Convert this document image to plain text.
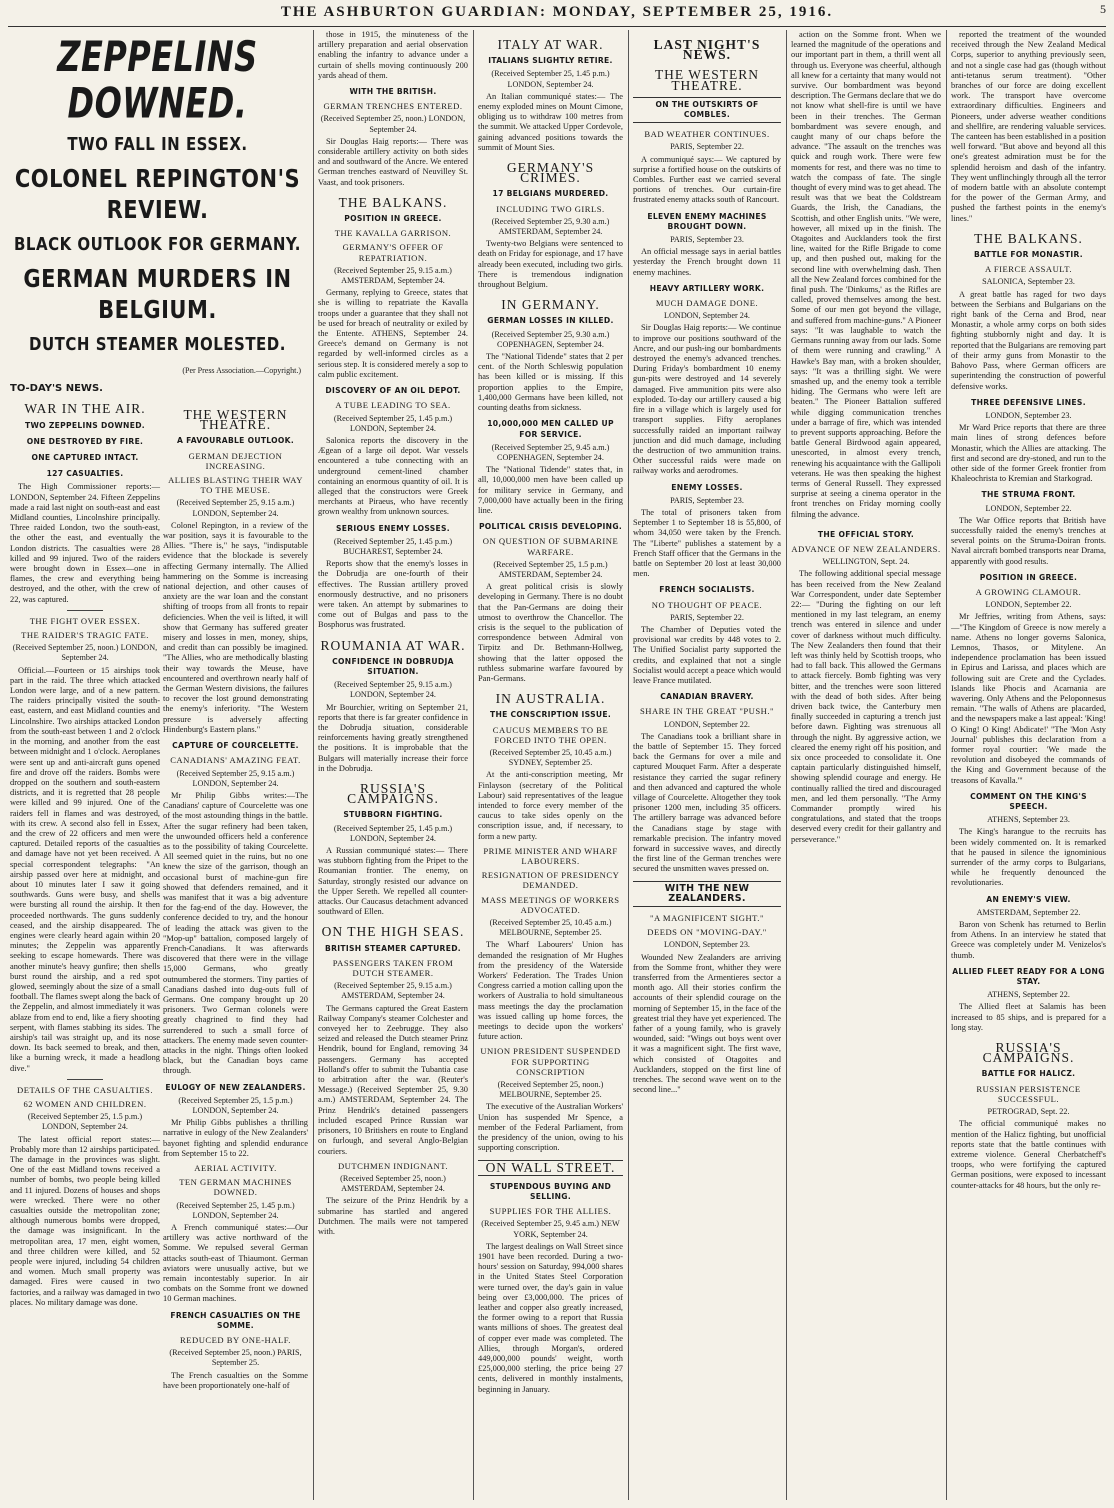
THE ASHBURTON GUARDIAN: MONDAY, SEPTEMBER 25, 1916.	5
ZEPPELINS DOWNED.
TWO FALL IN ESSEX.
COLONEL REPINGTON'S REVIEW.
BLACK OUTLOOK FOR GERMANY.
GERMAN MURDERS IN BELGIUM.
DUTCH STEAMER MOLESTED.
(Per Press Association.—Copyright.)
TO-DAY'S NEWS.
WAR IN THE AIR.
TWO ZEPPELINS DOWNED.
ONE DESTROYED BY FIRE.
ONE CAPTURED INTACT.
127 CASUALTIES.

The High Commissioner reports:— LONDON, September 24. Fifteen Zeppelins made a raid last night on south-east and east Midland counties, Lincolnshire principally. Three raided London, two the south-east, the other the east, and eventually the London districts. The casualties were 28 killed and 99 injured. Two of the raiders were brought down in Essex—one in flames, the crew and everything being destroyed, and the other, with the crew of 22, was captured.

THE FIGHT OVER ESSEX.
THE RAIDER'S TRAGIC FATE.
(Received September 25, noon.) LONDON, September 24.

Official.—Fourteen or 15 airships took part in the raid. The three which attacked London were large, and of a new pattern. The raiders principally visited the south-east, eastern, and east Midland counties and Lincolnshire. Two airships attacked London from the south-east between 1 and 2 o'clock in the morning, and another from the east between midnight and 1 o'clock. Aeroplanes were sent up and anti-aircraft guns opened fire and drove off the raiders. Bombs were dropped on the southern and south-eastern districts, and it is regretted that 28 people were killed and 99 injured. One of the raiders fell in flames and was destroyed, with its crew. A second also fell in Essex, and the crew of 22 officers and men were captured. Detailed reports of the casualties and damage have not yet been received. A special correspondent telegraphs: "An airship passed over here at midnight, and about 10 minutes later I saw it going southwards. Guns were busy, and shells were bursting all round the airship. It then proceeded northwards. The guns suddenly ceased, and the airship disappeared. The engines were clearly heard again within 20 minutes; the Zeppelin was apparently seeking to escape homewards. There was another minute's heavy gunfire; then shells burst round the airship, and a red spot glowed, seemingly about the size of a small football. The flames swept along the back of the Zeppelin, and almost immediately it was ablaze from end to end, like a fiery shooting serpent, with flames stabbing its sides. The airship's tail was straight up, and its nose down. Its back seemed to break, and then, like a burning wreck, it made a headlong dive."

DETAILS OF THE CASUALTIES.
62 WOMEN AND CHILDREN.
(Received September 25, 1.5 p.m.) LONDON, September 24.

The latest official report states:—Probably more than 12 airships participated. The damage in the provinces was slight. One of the east Midland towns received a number of bombs, two people being killed and 11 injured. Dozens of houses and shops were wrecked. There were no other casualties outside the metropolitan zone; although numerous bombs were dropped, the damage was insignificant. In the metropolitan area, 17 men, eight women, and three children were killed, and 52 people were injured, including 54 children and women. Much small property was damaged. Fires were caused in two factories, and a railway was damaged in two places. No military damage was done.

THE WESTERN THEATRE.
A FAVOURABLE OUTLOOK.
GERMAN DEJECTION INCREASING.
ALLIES BLASTING THEIR WAY TO THE MEUSE.
(Received September 25, 9.15 a.m.) LONDON, September 24.

Colonel Repington, in a review of the war position, says it is favourable to the Allies. "There is," he says, "indisputable evidence that the blockade is severely affecting Germany internally. The Allied hammering on the Somme is increasing national dejection, and other causes of anxiety are the war loan and the constant shifting of troops from all fronts to repair deficiencies. When the veil is lifted, it will show that Germany has suffered greater misery and losses in men, money, ships, and credit than can possibly be imagined. "The Allies, who are methodically blasting their way towards the Meuse, have encountered and overthrown nearly half of the German Western divisions, the failures to recover the lost ground demonstrating the enemy's inferiority. "The Western pressure is adversely affecting Hindenburg's Eastern plans."

CAPTURE OF COURCELETTE.
CANADIANS' AMAZING FEAT.
(Received September 25, 9.15 a.m.) LONDON, September 24.

Mr Philip Gibbs writes:—The Canadians' capture of Courcelette was one of the most astounding things in the battle. After the sugar refinery had been taken, the unwounded officers held a conference as to the possibility of taking Courcelette. All seemed quiet in the ruins, but no one knew the size of the garrison, though an occasional burst of machine-gun fire showed that defenders remained, and it was manifest that it was a big adventure for the fag-end of the day. However, the conference decided to try, and the honour of leading the attack was given to the "Mop-up" battalion, composed largely of French-Canadians. It was afterwards discovered that there were in the village 15,000 Germans, who greatly outnumbered the stormers. Tiny parties of Canadians dashed into dug-outs full of Germans. One company brought up 20 prisoners. Two German colonels were greatly chagrined to find they had surrendered to such a small force of attackers. The enemy made seven counter-attacks in the night. Things often looked black, but the Canadian boys came through.

EULOGY OF NEW ZEALANDERS.
(Received September 25, 1.5 p.m.) LONDON, September 24.

Mr Philip Gibbs publishes a thrilling narrative in eulogy of the New Zealanders' bayonet fighting and splendid endurance from September 15 to 22.

AERIAL ACTIVITY.
TEN GERMAN MACHINES DOWNED.
(Received September 25, 1.45 p.m.) LONDON, September 24.

A French communiqué states:—Our artillery was active northward of the Somme. We repulsed several German attacks south-east of Thiaumont. German aviators were unusually active, but we remain incontestably superior. In air combats on the Somme front we downed 10 German machines.

FRENCH CASUALTIES ON THE SOMME.
REDUCED BY ONE-HALF.
(Received September 25, noon.) PARIS, September 25.

The French casualties on the Somme have been proportionately one-half of

those in 1915, the minuteness of the artillery preparation and aerial observation enabling the infantry to advance under a curtain of shells moving continuously 200 yards ahead of them.

WITH THE BRITISH.
GERMAN TRENCHES ENTERED.
(Received September 25, noon.) LONDON, September 24.

Sir Douglas Haig reports:— There was considerable artillery activity on both sides and and southward of the Ancre. We entered German trenches eastward of Neuvilley St. Vaast, and took prisoners.

THE BALKANS.
POSITION IN GREECE.
THE KAVALLA GARRISON.
GERMANY'S OFFER OF REPATRIATION.
(Received September 25, 9.15 a.m.) AMSTERDAM, September 24.

Germany, replying to Greece, states that she is willing to repatriate the Kavalla troops under a guarantee that they shall not be used for breach of neutrality or exiled by the Entente. ATHENS, September 24. Greece's demand on Germany is not regarded by well-informed circles as a serious step. It is considered merely a sop to calm public excitement.

DISCOVERY OF AN OIL DEPOT.
A TUBE LEADING TO SEA.
(Received September 25, 1.45 p.m.) LONDON, September 24.

Salonica reports the discovery in the Ægean of a large oil depot. War vessels encountered a tube connecting with an underground cement-lined chamber containing an enormous quantity of oil. It is alleged that the constructors were Greek merchants at Piraeus, who have recently grown wealthy from unknown sources.

SERIOUS ENEMY LOSSES.
(Received September 25, 1.45 p.m.) BUCHAREST, September 24.

Reports show that the enemy's losses in the Dobrudja are one-fourth of their effectives. The Russian artillery proved enormously destructive, and no prisoners were taken. An attempt by submarines to come out of Bulgas and pass to the Bosphorus was frustrated.

ROUMANIA AT WAR.
CONFIDENCE IN DOBRUDJA SITUATION.
(Received September 25, 9.15 a.m.) LONDON, September 24.

Mr Bourchier, writing on September 21, reports that there is far greater confidence in the Dobrudja situation, considerable reinforcements having greatly strengthened the positions. It is improbable that the Bulgars will materially increase their force in the Dobrudja.

RUSSIA'S CAMPAIGNS.
STUBBORN FIGHTING.
(Received September 25, 1.45 p.m.) LONDON, September 24.

A Russian communiqué states:— There was stubborn fighting from the Pripet to the Roumanian frontier. The enemy, on Saturday, strongly resisted our advance on the Upper Sereth. We repelled all counter-attacks. Our Caucasus detachment advanced southward of Ellen.

ON THE HIGH SEAS.
BRITISH STEAMER CAPTURED.
PASSENGERS TAKEN FROM DUTCH STEAMER.
(Received September 25, 9.15 a.m.) AMSTERDAM, September 24.

The Germans captured the Great Eastern Railway Company's steamer Colchester and conveyed her to Zeebrugge. They also seized and released the Dutch steamer Prinz Hendrik, bound for England, removing 34 passengers. Germany has accepted Holland's offer to submit the Tubantia case to arbitration after the war. (Reuter's Message.) (Received September 25, 9.30 a.m.) AMSTERDAM, September 24. The Prinz Hendrik's detained passengers included escaped Prince Russian war prisoners, 10 Britishers en route to England on furlough, and several Anglo-Belgian couriers.

DUTCHMEN INDIGNANT.
(Received September 25, noon.) AMSTERDAM, September 24.

The seizure of the Prinz Hendrik by a submarine has startled and angered Dutchmen. The mails were not tampered with.

ITALY AT WAR.
ITALIANS SLIGHTLY RETIRE.
(Received September 25, 1.45 p.m.) LONDON, September 24.

An Italian communiqué states:— The enemy exploded mines on Mount Cimone, obliging us to withdraw 100 metres from the summit. We attacked Upper Cordevole, gaining advanced positions towards the summit of Mount Sies.

GERMANY'S CRIMES.
17 BELGIANS MURDERED.
INCLUDING TWO GIRLS.
(Received September 25, 9.30 a.m.) AMSTERDAM, September 24.

Twenty-two Belgians were sentenced to death on Friday for espionage, and 17 have already been executed, including two girls. There is tremendous indignation throughout Belgium.

IN GERMANY.
GERMAN LOSSES IN KILLED.
(Received September 25, 9.30 a.m.) COPENHAGEN, September 24.

The "National Tidende" states that 2 per cent. of the North Schleswig population has been killed or is missing. If this proportion applies to the Empire, 1,400,000 Germans have been killed, not counting deaths from sickness.

10,000,000 MEN CALLED UP FOR SERVICE.
(Received September 25, 9.45 a.m.) COPENHAGEN, September 24.

The "National Tidende" states that, in all, 10,000,000 men have been called up for military service in Germany, and 7,000,000 have actually been in the firing line.

POLITICAL CRISIS DEVELOPING.
ON QUESTION OF SUBMARINE WARFARE.
(Received September 25, 1.5 p.m.) AMSTERDAM, September 24.

A great political crisis is slowly developing in Germany. There is no doubt that the Pan-Germans are doing their utmost to overthrow the Chancellor. The crisis is the sequel to the publication of correspondence between Admiral von Tirpitz and Dr. Bethmann-Hollweg, showing that the latter opposed the ruthless submarine warfare favoured by Pan-Germans.

IN AUSTRALIA.
THE CONSCRIPTION ISSUE.
CAUCUS MEMBERS TO BE FORCED INTO THE OPEN.
(Received September 25, 10.45 a.m.) SYDNEY, September 25.

At the anti-conscription meeting, Mr Finlayson (secretary of the Political Labour) said representatives of the league intended to force every member of the caucus to take sides openly on the conscription issue, and, if necessary, to form a new party.

PRIME MINISTER AND WHARF LABOURERS.
RESIGNATION OF PRESIDENCY DEMANDED.
MASS MEETINGS OF WORKERS ADVOCATED.
(Received September 25, 10.45 a.m.) MELBOURNE, September 25.

The Wharf Labourers' Union has demanded the resignation of Mr Hughes from the presidency of the Waterside Workers' Federation. The Trades Union Congress carried a motion calling upon the workers of Australia to hold simultaneous mass meetings the day the proclamation was issued calling up home forces, the meetings to decide upon the workers' future action.

UNION PRESIDENT SUSPENDED FOR SUPPORTING CONSCRIPTION
(Received September 25, noon.) MELBOURNE, September 25.

The executive of the Australian Workers' Union has suspended Mr Spence, a member of the Federal Parliament, from the presidency of the union, owing to his supporting conscription.

ON WALL STREET.
STUPENDOUS BUYING AND SELLING.
SUPPLIES FOR THE ALLIES.
(Received September 25, 9.45 a.m.) NEW YORK, September 24.

The largest dealings on Wall Street since 1901 have been recorded. During a two-hours' session on Saturday, 994,000 shares in the United States Steel Corporation were turned over, the day's gain in value being over £3,000,000. The prices of leather and copper also greatly increased, the former owing to a report that Russia wants millions of shoes. The greatest deal of copper ever made was completed. The Allies, through Morgan's, ordered 449,000,000 pounds' weight, worth £25,000,000 sterling, the price being 27 cents, delivered in monthly instalments, beginning in January.

LAST NIGHT'S NEWS.
THE WESTERN THEATRE.
ON THE OUTSKIRTS OF COMBLES.
BAD WEATHER CONTINUES.
PARIS, September 22.

A communiqué says:— We captured by surprise a fortified house on the outskirts of Combles. Further east we carried several portions of trenches. Our curtain-fire frustrated enemy attacks south of Rancourt.

ELEVEN ENEMY MACHINES BROUGHT DOWN.
PARIS, September 23.

An official message says in aerial battles yesterday the French brought down 11 enemy machines.

HEAVY ARTILLERY WORK.
MUCH DAMAGE DONE.
LONDON, September 24.

Sir Douglas Haig reports:— We continue to improve our positions southward of the Ancre, and our push-ing our bombardments destroyed the enemy's advanced trenches. During Friday's bombardment 10 enemy gun-pits were destroyed and 14 severely damaged. Five ammunition pits were also exploded. To-day our artillery caused a big fire in a village which is largely used for transport supplies. Fifty aeroplanes successfully raided an important railway junction and did much damage, including the destruction of two ammunition trains. Other successful raids were made on railway works and aerodromes.

ENEMY LOSSES.
PARIS, September 23.

The total of prisoners taken from September 1 to September 18 is 55,800, of whom 34,050 were taken by the French. The "Liberte" publishes a statement by a French Staff officer that the Germans in the battle on September 20 lost at least 30,000 men.

FRENCH SOCIALISTS.
NO THOUGHT OF PEACE.
PARIS, September 22.

The Chamber of Deputies voted the provisional war credits by 448 votes to 2. The Unified Socialist party supported the credits, and explained that not a single Socialist would accept a peace which would leave France mutilated.

CANADIAN BRAVERY.
SHARE IN THE GREAT "PUSH."
LONDON, September 22.

The Canadians took a brilliant share in the battle of September 15. They forced back the Germans for over a mile and captured Mouquet Farm. After a desperate resistance they carried the sugar refinery and then advanced and captured the whole village of Courcelette. Altogether they took prisoner 1200 men, including 35 officers. The artillery barrage was advanced before the Canadians stage by stage with remarkable precision. The infantry moved forward in successive waves, and directly the first line of the German trenches were secured the unsmitten waves pressed on.

WITH THE NEW ZEALANDERS.
"A MAGNIFICENT SIGHT."
DEEDS ON "MOVING-DAY."
LONDON, September 23.

Wounded New Zealanders are arriving from the Somme front, whither they were transferred from the Armentieres sector a month ago. All their stories confirm the accounts of their splendid courage on the morning of September 15, in the face of the greatest trial they have yet experienced. The father of a young family, who is gravely wounded, said: "Wings out boys went over it was a magnificent sight. The first wave, which consisted of Otagoites and Aucklanders, stopped on the first line of trenches. The second wave went on to the second line..."

action on the Somme front. When we learned the magnitude of the operations and our important part in them, a thrill went all through us. Everyone was cheerful, although all knew for a certainty that many would not survive. Our bombardment was beyond description. The Germans declare that we do not know what shell-fire is until we have been in their trenches. The German bombardment was severe enough, and caught many of our chaps before the advance. "The assault on the trenches was quick and rough work. There were few moments for rest, and there was no time to watch the compass of fate. The single thought of every mind was to get ahead. The result was that we beat the Coldstream Guards, the Irish, the Canadians, the Scottish, and other English units. "We were, however, all mixed up in the finish. The Otagoites and Aucklanders took the first line, waited for the Rifle Brigade to come up, and then pushed out, making for the second line with overwhelming dash. Then all the New Zealand forces combined for the final push. The 'Dinkums,' as the Rifles are called, proved themselves among the best. Some of our men got beyond the village, and suffered from machine-guns." A Pioneer says: "It was laughable to watch the Germans running away from our lads. Some of them were running and crawling." A Hawke's Bay man, with a broken shoulder, says: "It was a thrilling sight. We were smashed up, and the enemy took a terrible hiding. The Germans who were left are beaten." The Pioneer Battalion suffered while digging communication trenches under a barrage of fire, which was intended to prevent supports approaching. Before the battle General Birdwood again appeared, unescorted, in almost every trench, renewing his acquaintance with the Gallipoli veterans. He was then speaking the highest terms of General Russell. They expressed surprise at seeing a cinema operator in the front trenches on Friday morning coolly filming the advance.

THE OFFICIAL STORY.
ADVANCE OF NEW ZEALANDERS.
WELLINGTON, Sept. 24.

The following additional special message has been received from the New Zealand War Correspondent, under date September 22:— "During the fighting on our left mentioned in my last telegram, an enemy trench was entered in silence and under cover of darkness without much difficulty. The New Zealanders then found that their left was thinly held by Scottish troops, who had to fall back. This allowed the Germans to attack fiercely. Bomb fighting was very bitter, and the trenches were soon littered with the dead of both sides. After being driven back twice, the Canterbury men finally succeeded in capturing a trench just before dawn. Fighting was strenuous all through the night. By aggressive action, we cleared the enemy right off his position, and six once proceeded to consolidate it. One captain particularly distinguished himself, showing splendid courage and energy. He continually rallied the tired and discouraged men, and led them personally. "The Army Commander promptly wired his congratulations, and stated that the troops deserved every credit for their gallantry and perseverance."

reported the treatment of the wounded received through the New Zealand Medical Corps, superior to anything previously seen, and not a single case had gas (though without anti-tetanus serum treatment). "Other branches of our force are doing excellent work. The transport have overcome extraordinary difficulties. Engineers and Pioneers, under adverse weather conditions and shellfire, are rendering valuable services. The canteen has been established in a position well forward. "But above and beyond all this one's greatest admiration must be for the splendid heroism and dash of the infantry. They went unflinchingly through all the terror of modern battle with an absolute contempt for the power of the German Army, and pushed the farthest points in the enemy's lines."

THE BALKANS.
BATTLE FOR MONASTIR.
A FIERCE ASSAULT.
SALONICA, September 23.

A great battle has raged for two days between the Serbians and Bulgarians on the right bank of the Cerna and Brod, near Monastir, a whole army corps on both sides fighting stubbornly night and day. It is reported that the Bulgarians are removing part of their army guns from Monastir to the Bahovo Pass, where German officers are superintending the construction of powerful defensive works.

THREE DEFENSIVE LINES.
LONDON, September 23.

Mr Ward Price reports that there are three main lines of strong defences before Monastir, which the Allies are attacking. The first and second are dry-stoned, and run to the other side of the former Greek frontier from Khaleochrista to Kremian and Starkograd.

THE STRUMA FRONT.
LONDON, September 22.

The War Office reports that British have successfully raided the enemy's trenches at several points on the Struma-Doiran fronts. Naval aircraft bombed transports near Drama, apparently with good results.

POSITION IN GREECE.
A GROWING CLAMOUR.
LONDON, September 22.

Mr Jeffries, writing from Athens, says:—"The Kingdom of Greece is now merely a name. Athens no longer governs Salonica, Lemnos, Thasos, or Mitylene. An independence proclamation has been issued in Epirus and Larissa, and places which are following suit are Crete and the Cyclades. Islands like Phocis and Acarnania are wavering. Only Athens and the Peloponnesus remain. "The walls of Athens are placarded, and the newspapers make a last appeal: 'King! O King! O King! Abdicate!' "The 'Mon Asty Journal' publishes this declaration from a former royal courtier: 'We made the revolution and disobeyed the commands of the King and Government because of the treasons of Kavalla.'"

COMMENT ON THE KING'S SPEECH.
ATHENS, September 23.

The King's harangue to the recruits has been widely commented on. It is remarked that he paused in silence the ignominious surrender of the army corps to Bulgarians, while he frequently denounced the revolutionaries.

AN ENEMY'S VIEW.
AMSTERDAM, September 22.

Baron von Schenk has returned to Berlin from Athens. In an interview he stated that Greece was completely under M. Venizelos's thumb.

ALLIED FLEET READY FOR A LONG STAY.
ATHENS, September 22.

The Allied fleet at Salamis has been increased to 85 ships, and is prepared for a long stay.

RUSSIA'S CAMPAIGNS.
BATTLE FOR HALICZ.
RUSSIAN PERSISTENCE SUCCESSFUL.
PETROGRAD, Sept. 22.

The official communiqué makes no mention of the Halicz fighting, but unofficial reports state that the battle continues with extreme violence. General Cherbatcheff's troops, who were fortifying the captured German positions, were exposed to incessant counter-attacks for 48 hours, but the only re-
